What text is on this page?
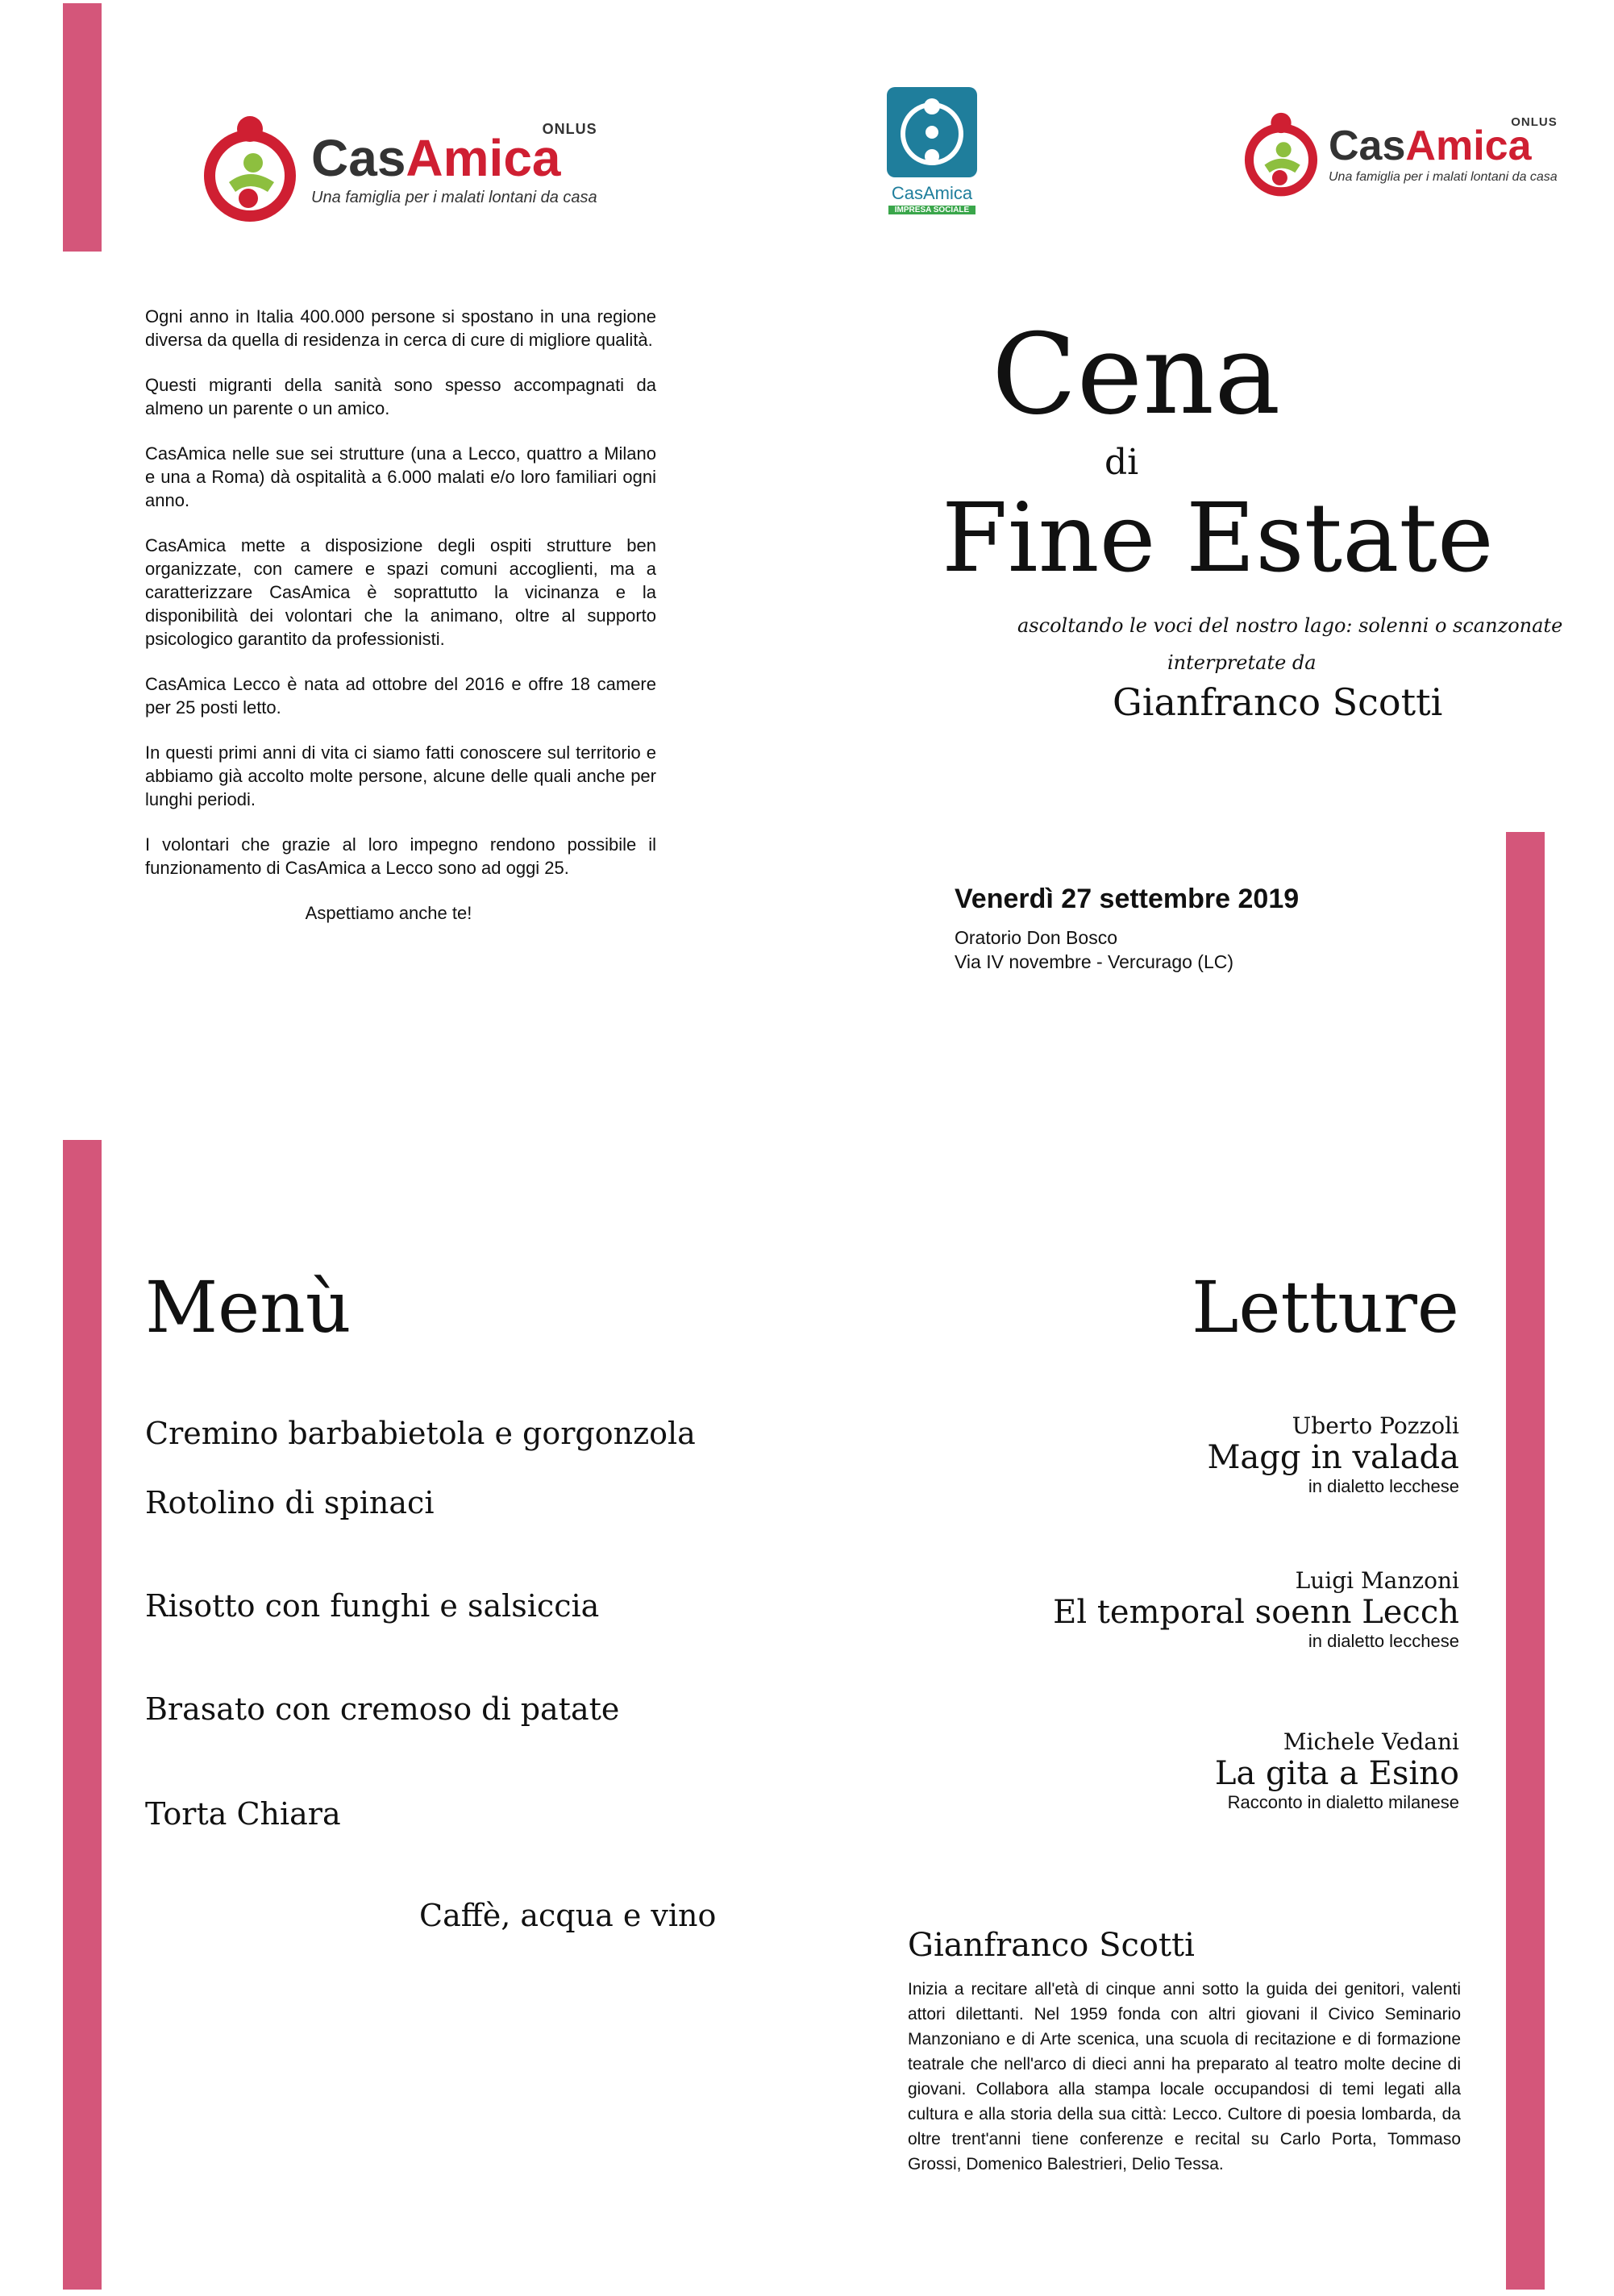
CasAmica
ONLUS
Una famiglia per i malati lontani da casa	CasAmica
IMPRESA SOCIALE
CasAmica
ONLUS
Una famiglia per i malati lontani da casa

Ogni anno in Italia 400.000 persone si spostano in una regione diversa da quella di residenza in cerca di cure di migliore qualità.

Questi migranti della sanità sono spesso accompagnati da almeno un parente o un amico.

CasAmica nelle sue sei strutture (una a Lecco, quattro a Milano e una a Roma) dà ospitalità a 6.000 malati e/o loro familiari ogni anno.

CasAmica mette a disposizione degli ospiti strutture ben organizzate, con camere e spazi comuni accoglienti, ma a caratterizzare CasAmica è soprattutto la vicinanza e la disponibilità dei volontari che la animano, oltre al supporto psicologico garantito da professionisti.

CasAmica Lecco è nata ad ottobre del 2016 e offre 18 camere per 25 posti letto.

In questi primi anni di vita ci siamo fatti conoscere sul territorio e abbiamo già accolto molte persone, alcune delle quali anche per lunghi periodi.

I volontari che grazie al loro impegno rendono possibile il funzionamento di CasAmica a Lecco sono ad oggi 25.

Aspettiamo anche te!

Cena
di
Fine Estate
ascoltando le voci del nostro lago: solenni o scanzonate
interpretate da
Gianfranco Scotti
Venerdì 27 settembre 2019
Oratorio Don Bosco
Via IV novembre - Vercurago (LC)
Menù
Cremino barbabietola e gorgonzola
Rotolino di spinaci
Risotto con funghi e salsiccia
Brasato con cremoso di patate
Torta Chiara
Caffè, acqua e vino
Letture
Uberto Pozzoli
Magg in valada
in dialetto lecchese
Luigi Manzoni
El temporal soenn Lecch
in dialetto lecchese
Michele Vedani
La gita a Esino
Racconto in dialetto milanese
Gianfranco Scotti
Inizia a recitare all'età di cinque anni sotto la guida dei genitori, valenti attori dilettanti. Nel 1959 fonda con altri giovani il Civico Seminario Manzoniano e di Arte scenica, una scuola di recitazione e di formazione teatrale che nell'arco di dieci anni ha preparato al teatro molte decine di giovani. Collabora alla stampa locale occupandosi di temi legati alla cultura e alla storia della sua città: Lecco. Cultore di poesia lombarda, da oltre trent'anni tiene conferenze e recital su Carlo Porta, Tommaso Grossi, Domenico Balestrieri, Delio Tessa.
